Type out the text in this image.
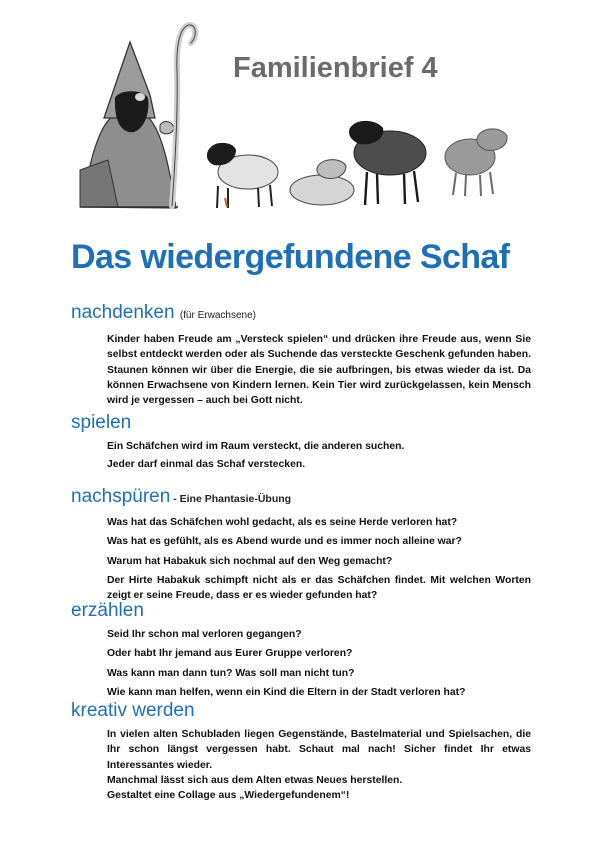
Familienbrief 4
Das wiedergefundene Schaf
nachdenken (für Erwachsene)

Kinder haben Freude am „Versteck spielen“ und drücken ihre Freude aus, wenn Sie selbst entdeckt werden oder als Suchende das versteckte Geschenk gefunden haben. Staunen können wir über die Energie, die sie aufbringen, bis etwas wieder da ist. Da können Erwachsene von Kindern lernen. Kein Tier wird zurückgelassen, kein Mensch wird je vergessen – auch bei Gott nicht.

spielen

Ein Schäfchen wird im Raum versteckt, die anderen suchen.

Jeder darf einmal das Schaf verstecken.

nachspüren - Eine Phantasie-Übung

Was hat das Schäfchen wohl gedacht, als es seine Herde verloren hat?

Was hat es gefühlt, als es Abend wurde und es immer noch alleine war?

Warum hat Habakuk sich nochmal auf den Weg gemacht?

Der Hirte Habakuk schimpft nicht als er das Schäfchen findet. Mit welchen Worten zeigt er seine Freude, dass er es wieder gefunden hat?

erzählen

Seid Ihr schon mal verloren gegangen?

Oder habt Ihr jemand aus Eurer Gruppe verloren?

Was kann man dann tun? Was soll man nicht tun?

Wie kann man helfen, wenn ein Kind die Eltern in der Stadt verloren hat?

kreativ werden

In vielen alten Schubladen liegen Gegenstände, Bastelmaterial und Spielsachen, die Ihr schon längst vergessen habt. Schaut mal nach! Sicher findet Ihr etwas Interessantes wieder.

Manchmal lässt sich aus dem Alten etwas Neues herstellen.

Gestaltet eine Collage aus „Wiedergefundenem“!
